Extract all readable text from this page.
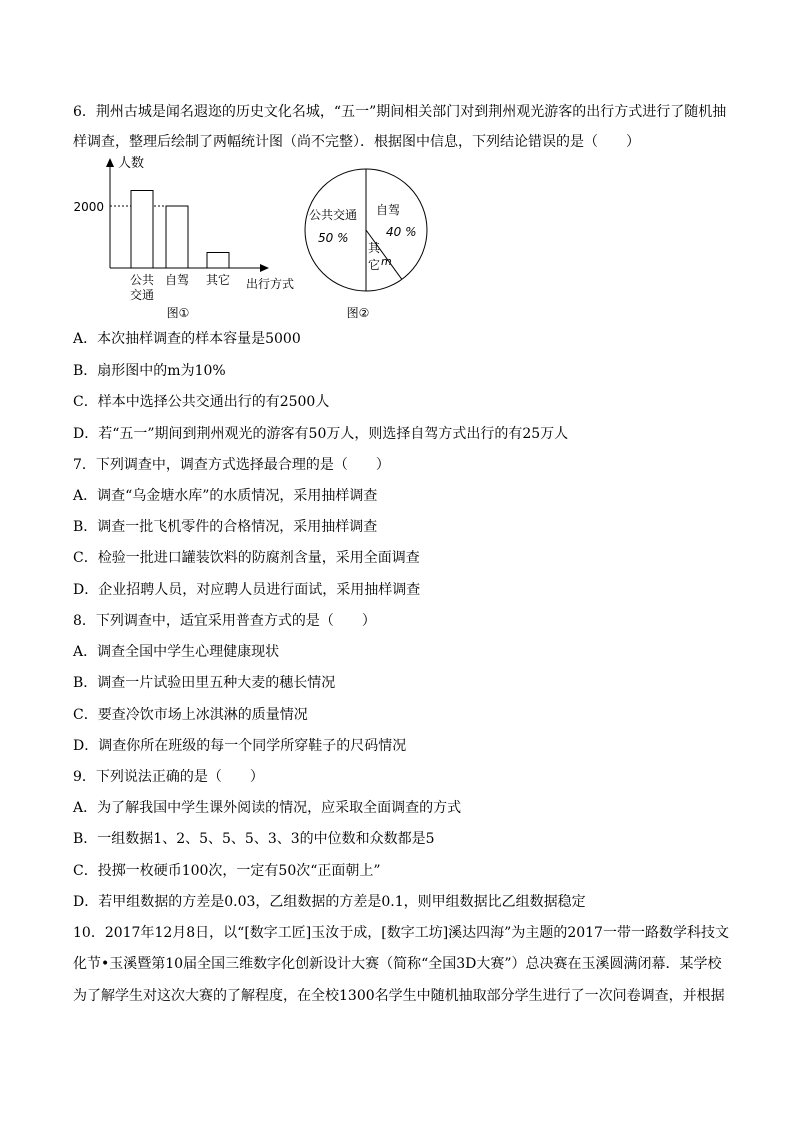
6．荆州古城是闻名遐迩的历史文化名城，“五一”期间相关部门对到荆州观光游客的出行方式进行了随机抽
样调查，整理后绘制了两幅统计图（尚不完整）．根据图中信息，下列结论错误的是（　　）
A．本次抽样调查的样本容量是5000
B．扇形图中的m为10%
C．样本中选择公共交通出行的有2500人
D．若“五一”期间到荆州观光的游客有50万人，则选择自驾方式出行的有25万人
7．下列调查中，调查方式选择最合理的是（　　）
A．调查“乌金塘水库”的水质情况，采用抽样调查
B．调查一批飞机零件的合格情况，采用抽样调查
C．检验一批进口罐装饮料的防腐剂含量，采用全面调查
D．企业招聘人员，对应聘人员进行面试，采用抽样调查
8．下列调查中，适宜采用普查方式的是（　　）
A．调查全国中学生心理健康现状
B．调查一片试验田里五种大麦的穗长情况
C．要查冷饮市场上冰淇淋的质量情况
D．调查你所在班级的每一个同学所穿鞋子的尺码情况
9．下列说法正确的是（　　）
A．为了解我国中学生课外阅读的情况，应采取全面调查的方式
B．一组数据1、2、5、5、5、3、3的中位数和众数都是5
C．投掷一枚硬币100次，一定有50次“正面朝上”
D．若甲组数据的方差是0.03，乙组数据的方差是0.1，则甲组数据比乙组数据稳定
10．2017年12月8日，以“[数字工匠]玉汝于成，[数字工坊]溪达四海”为主题的2017一带一路数学科技文
化节•玉溪暨第10届全国三维数字化创新设计大赛（简称“全国3D大赛”）总决赛在玉溪圆满闭幕．某学校
为了解学生对这次大赛的了解程度，在全校1300名学生中随机抽取部分学生进行了一次问卷调查，并根据
人数
2000
公共
交通
自驾 其它 出行方式
图①
公共交通
50 %
自驾
40 %
其
它 m
图②
